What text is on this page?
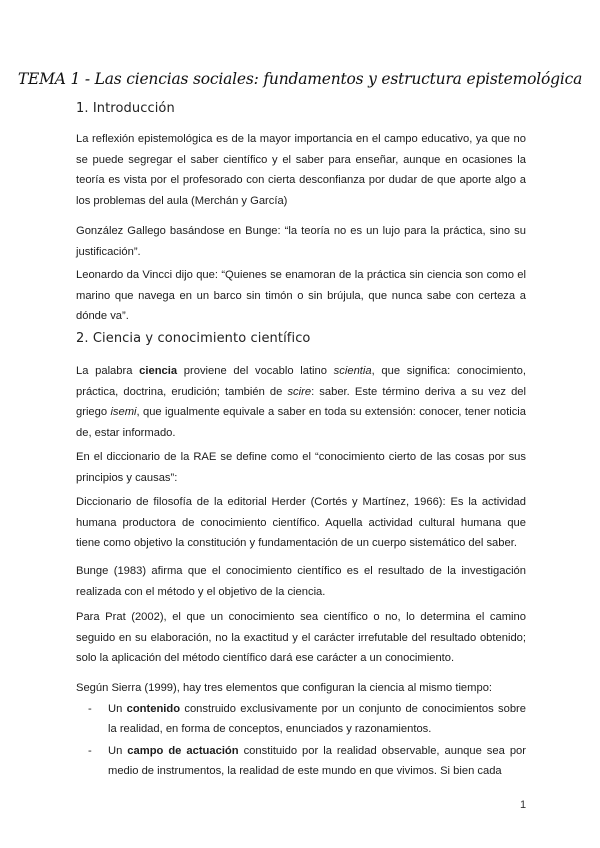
TEMA 1 - Las ciencias sociales: fundamentos y estructura epistemológica
1. Introducción
La reflexión epistemológica es de la mayor importancia en el campo educativo, ya que no se puede segregar el saber científico y el saber para enseñar, aunque en ocasiones la teoría es vista por el profesorado con cierta desconfianza por dudar de que aporte algo a los problemas del aula (Merchán y García)
González Gallego basándose en Bunge: “la teoría no es un lujo para la práctica, sino su justificación”.
Leonardo da Vincci dijo que: “Quienes se enamoran de la práctica sin ciencia son como el marino que navega en un barco sin timón o sin brújula, que nunca sabe con certeza a dónde va”.
2. Ciencia y conocimiento científico
La palabra ciencia proviene del vocablo latino scientia, que significa: conocimiento, práctica, doctrina, erudición; también de scire: saber. Este término deriva a su vez del griego isemi, que igualmente equivale a saber en toda su extensión: conocer, tener noticia de, estar informado.
En el diccionario de la RAE se define como el “conocimiento cierto de las cosas por sus principios y causas”:
Diccionario de filosofía de la editorial Herder (Cortés y Martínez, 1966): Es la actividad humana productora de conocimiento científico. Aquella actividad cultural humana que tiene como objetivo la constitución y fundamentación de un cuerpo sistemático del saber.
Bunge (1983) afirma que el conocimiento científico es el resultado de la investigación realizada con el método y el objetivo de la ciencia.
Para Prat (2002), el que un conocimiento sea científico o no, lo determina el camino seguido en su elaboración, no la exactitud y el carácter irrefutable del resultado obtenido; solo la aplicación del método científico dará ese carácter a un conocimiento.
Según Sierra (1999), hay tres elementos que configuran la ciencia al mismo tiempo:
- Un contenido construido exclusivamente por un conjunto de conocimientos sobre la realidad, en forma de conceptos, enunciados y razonamientos.
- Un campo de actuación constituido por la realidad observable, aunque sea por medio de instrumentos, la realidad de este mundo en que vivimos. Si bien cada
1
